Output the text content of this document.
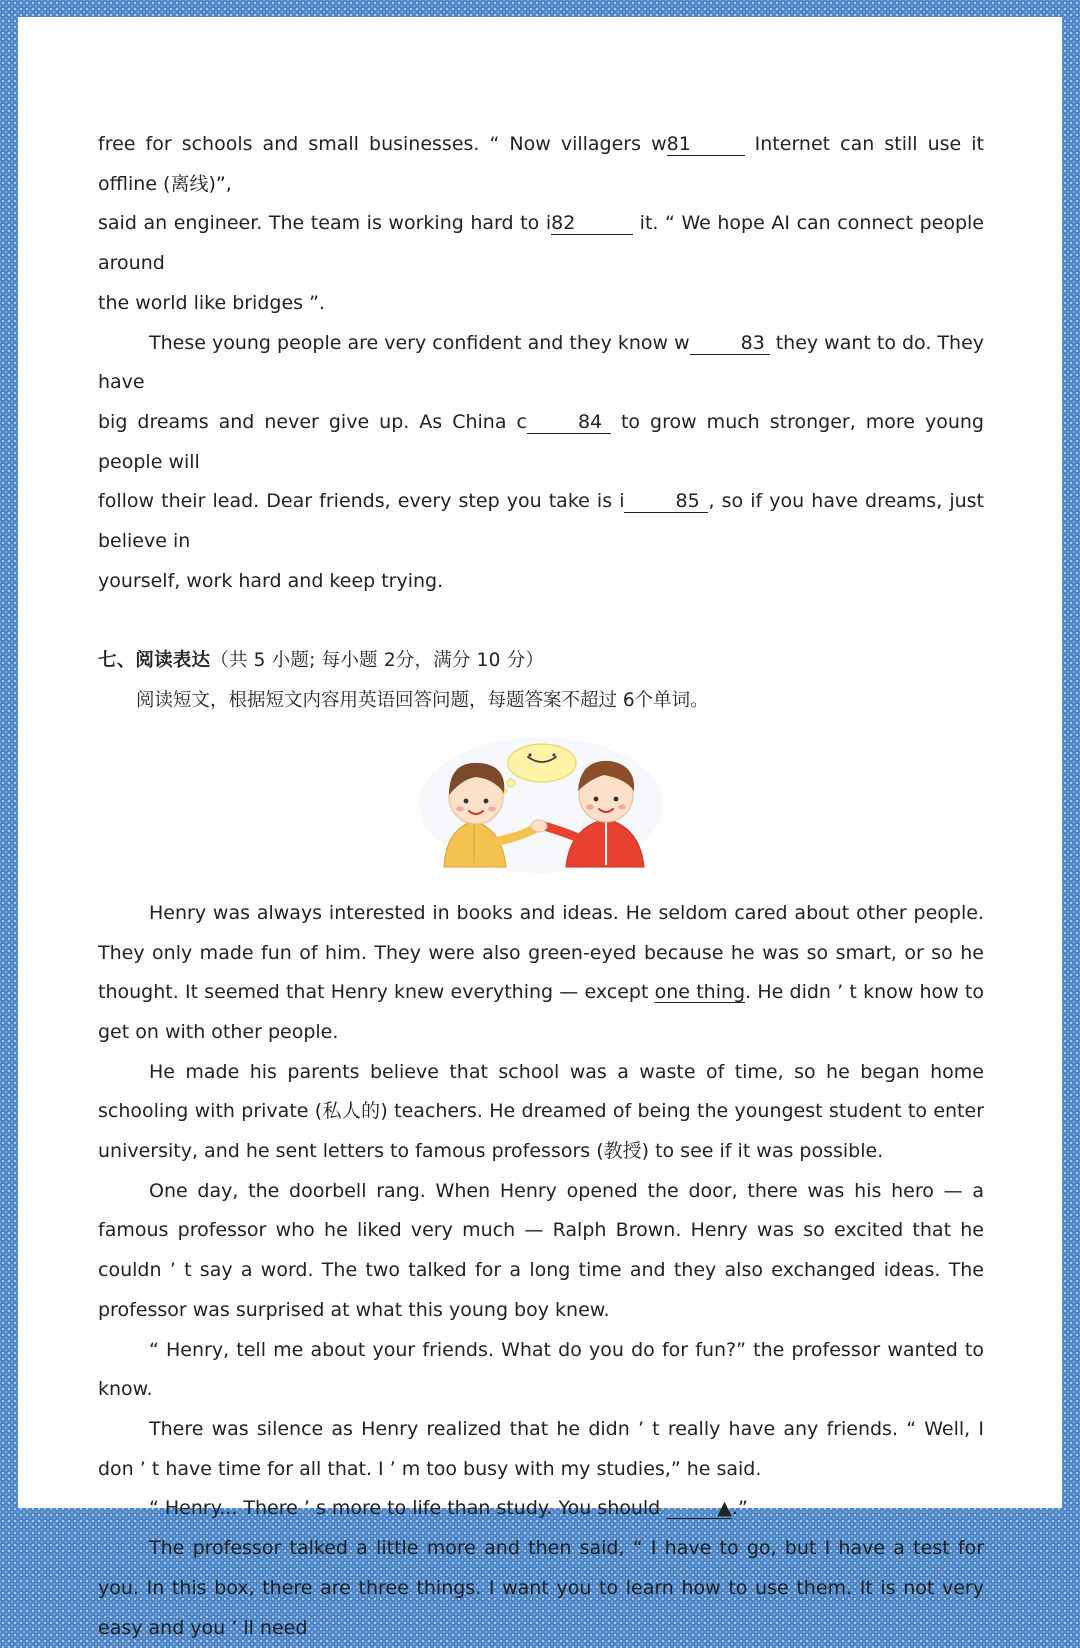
free for schools and small businesses. “ Now villagers w81	Internet can still use it offline (离线)”,
said an engineer. The team is working hard to i82	it. “ We hope AI can connect people around
the world like bridges ”.

These young people are very confident and they know w	83 they want to do. They have
big dreams and never give up. As China c	84 to grow much stronger, more young people will
follow their lead. Dear friends, every step you take is i	85 , so if you have dreams, just believe in
yourself, work hard and keep trying.

七、阅读表达（共 5 小题; 每小题 2分，满分 10 分）

阅读短文，根据短文内容用英语回答问题，每题答案不超过 6个单词。

Henry was always interested in books and ideas. He seldom cared about other people. They only made fun of him. They were also green-eyed because he was so smart, or so he thought. It seemed that Henry knew everything — except one thing. He didn ’ t know how to get on with other people.

He made his parents believe that school was a waste of time, so he began home schooling with private (私人的) teachers. He dreamed of being the youngest student to enter university, and he sent letters to famous professors (教授) to see if it was possible.

One day, the doorbell rang. When Henry opened the door, there was his hero — a famous professor who he liked very much — Ralph Brown. Henry was so excited that he couldn ’ t say a word. The two talked for a long time and they also exchanged ideas. The professor was surprised at what this young boy knew.

“ Henry, tell me about your friends. What do you do for fun?” the professor wanted to know.

There was silence as Henry realized that he didn ’ t really have any friends. “ Well, I don ’ t have time for all that. I ’ m too busy with my studies,” he said.

“ Henry... There ’ s more to life than study. You should	▲.”

The professor talked a little more and then said, “ I have to go, but I have a test for you. In this box, there are three things. I want you to learn how to use them. It is not very easy and you ’ ll need
